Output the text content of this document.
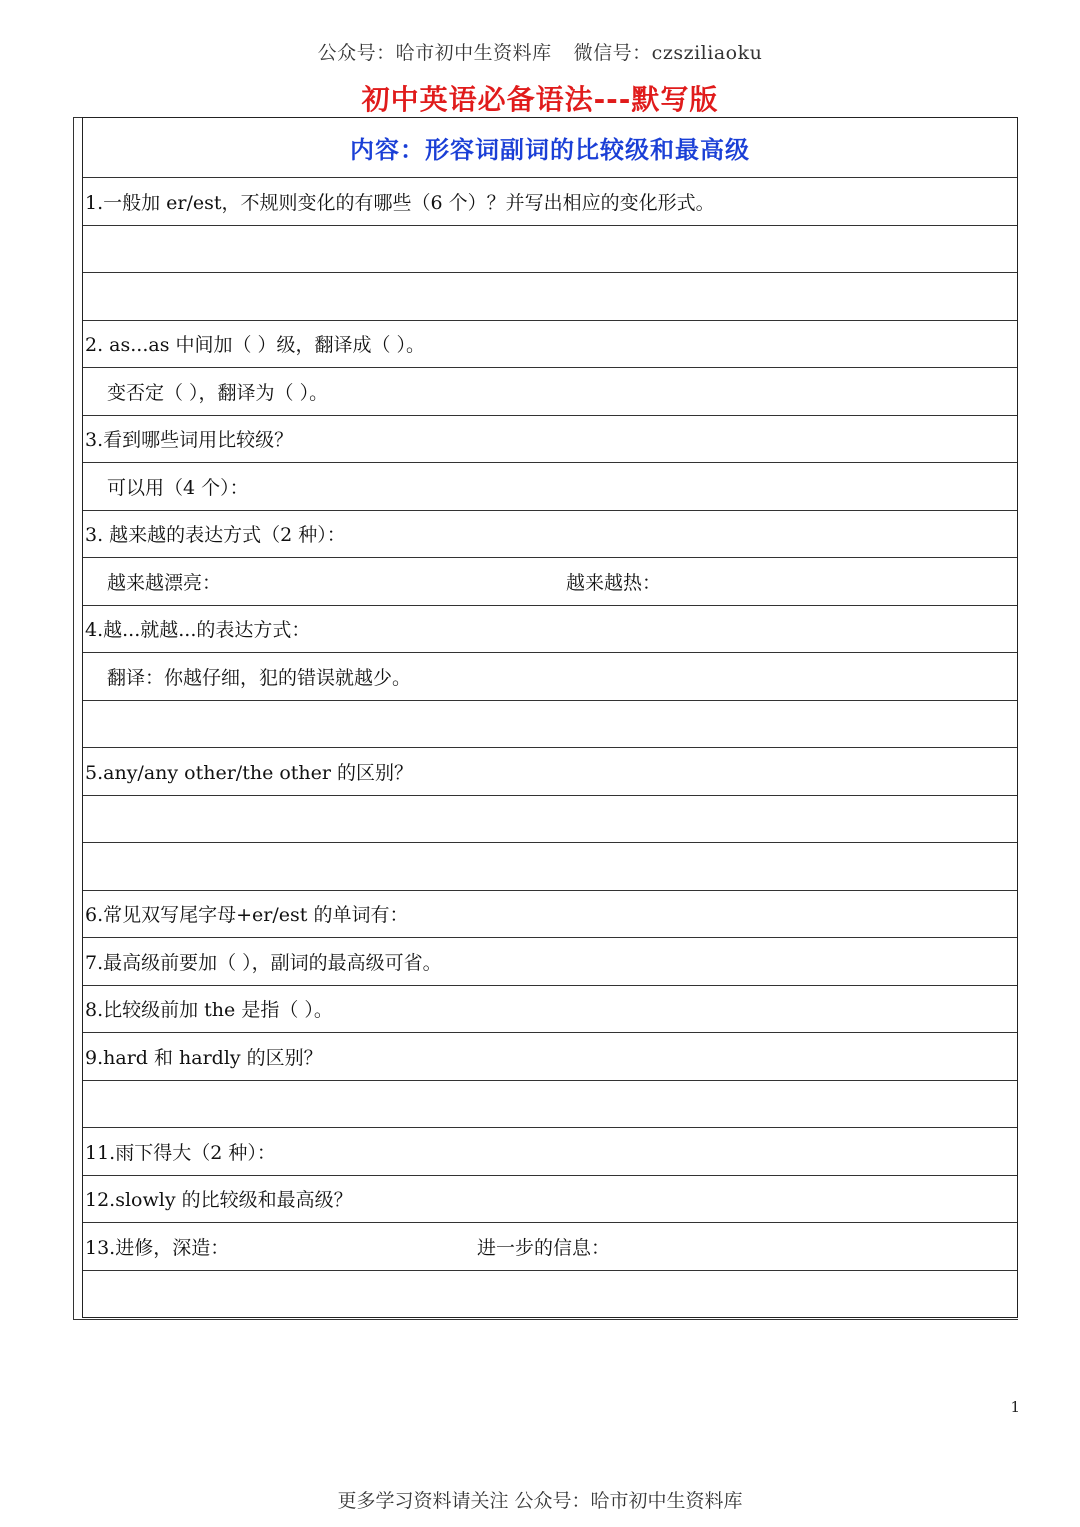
公众号：哈市初中生资料库 微信号：czsziliaoku
初中英语必备语法---默写版
内容：形容词副词的比较级和最高级
1.一般加 er/est，不规则变化的有哪些（6 个）？并写出相应的变化形式。
2. as...as 中间加（ ）级，翻译成（ ）。
变否定（ ），翻译为（ ）。
3.看到哪些词用比较级？
可以用（4 个）：
3. 越来越的表达方式（2 种）：
越来越漂亮：	越来越热：
4.越...就越...的表达方式：
翻译：你越仔细，犯的错误就越少。
5.any/any other/the other 的区别？
6.常见双写尾字母+er/est 的单词有：
7.最高级前要加（ ），副词的最高级可省。
8.比较级前加 the 是指（ ）。
9.hard 和 hardly 的区别？
11.雨下得大（2 种）：
12.slowly 的比较级和最高级？
13.进修，深造：	进一步的信息：
1
更多学习资料请关注 公众号：哈市初中生资料库
